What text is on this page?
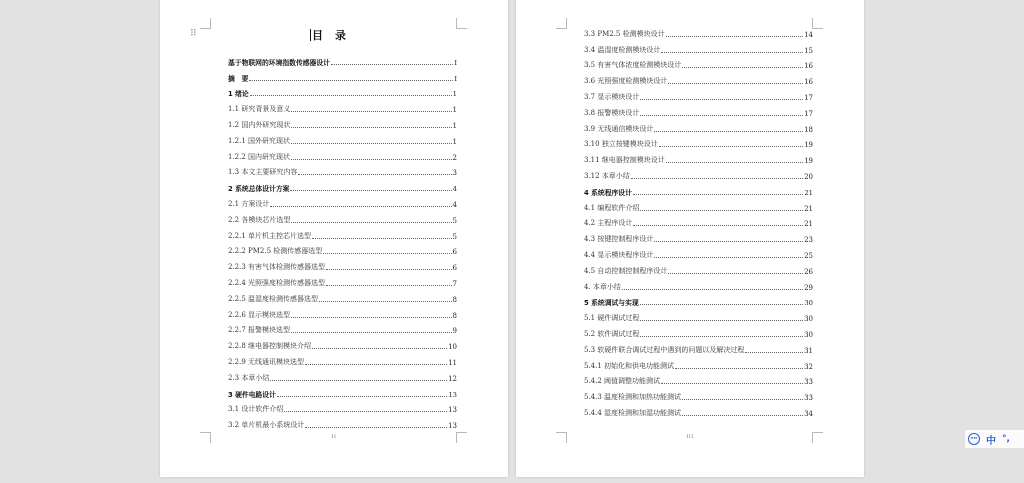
⠿	目录
基于物联网的环境指数传感器设计	I
摘　要	I
1 绪论	1
1.1 研究背景及意义	1
1.2 国内外研究现状	1
1.2.1 国外研究现状	1
1.2.2 国内研究现状	2
1.3 本文主要研究内容	3
2 系统总体设计方案	4
2.1 方案设计	4
2.2 各模块芯片选型	5
2.2.1 单片机主控芯片选型	5
2.2.2 PM2.5 检测传感器选型	6
2.2.3 有害气体检测传感器选型	6
2.2.4 光照强度检测传感器选型	7
2.2.5 温湿度检测传感器选型	8
2.2.6 显示模块选型	8
2.2.7 报警模块选型	9
2.2.8 继电器控制模块介绍	10
2.2.9 无线通讯模块选型	11
2.3 本章小结	12
3 硬件电路设计	13
3.1 设计软件介绍	13
3.2 单片机最小系统设计	13
II
3.3 PM2.5 检测模块设计	14
3.4 温湿度检测模块设计	15
3.5 有害气体浓度检测模块设计	16
3.6 光照强度检测模块设计	16
3.7 显示模块设计	17
3.8 报警模块设计	17
3.9 无线通信模块设计	18
3.10 独立按键模块设计	19
3.11 继电器控制模块设计	19
3.12 本章小结	20
4 系统程序设计	21
4.1 编程软件介绍	21
4.2 主程序设计	21
4.3 按键控制程序设计	23
4.4 显示模块程序设计	25
4.5 自动控制控制程序设计	26
4. 本章小结	29
5 系统调试与实现	30
5.1 硬件调试过程	30
5.2 软件调试过程	30
5.3 软硬件联合调试过程中遇到的问题以及解决过程	31
5.4.1 初始化和供电功能测试	32
5.4.2 阈值调整功能测试	33
5.4.3 温度检测和加热功能测试	33
5.4.4 湿度检测和加湿功能测试	34
III	iFLY 中 °,
